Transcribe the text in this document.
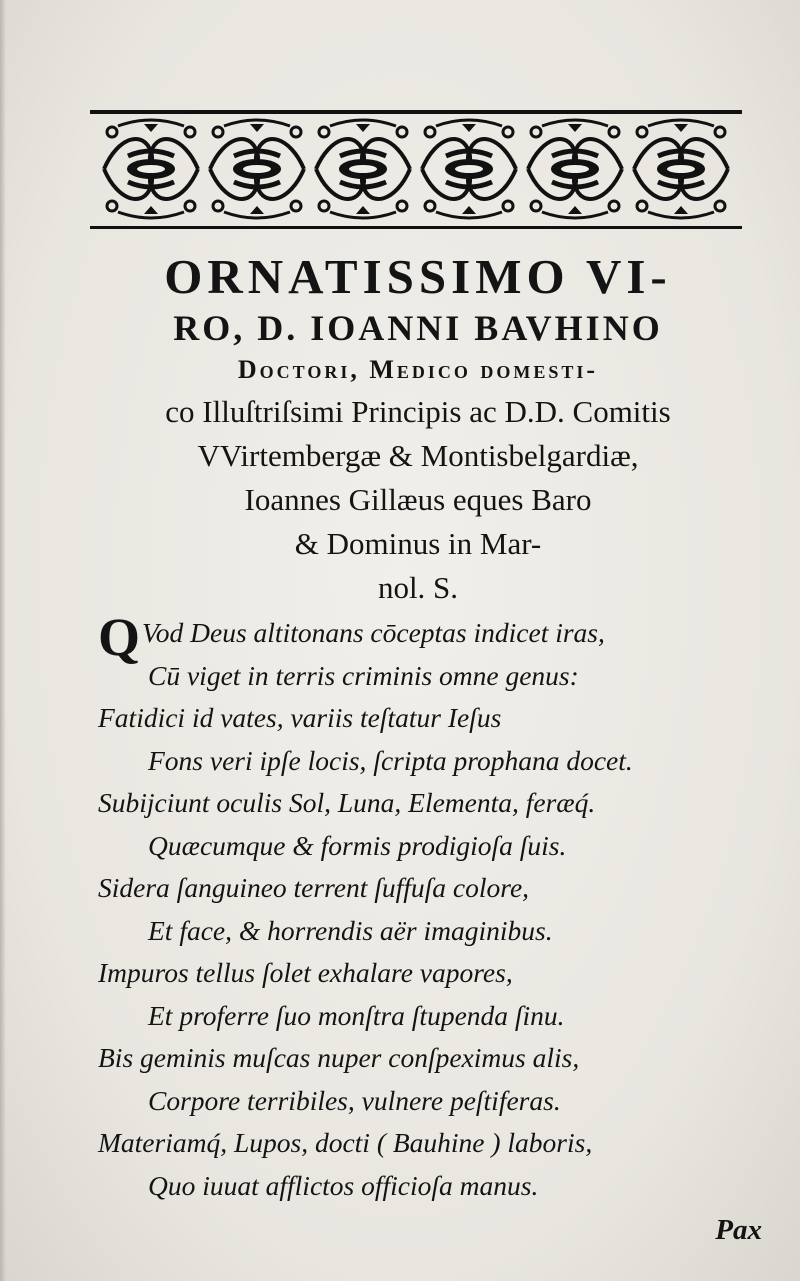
ORNATISSIMO VI-

RO, D. IOANNI BAVHINO

Doctori, Medico domesti-

co Illuſtriſsimi Principis ac D.D. Comitis

VVirtembergæ & Montisbelgardiæ,

Ioannes Gillæus eques Baro

& Dominus in Mar-

nol. S.

Q Vod Deus altitonans cōceptas indicet iras,

Cū viget in terris criminis omne genus:

Fatidici id vates, variis teſtatur Ieſus

Fons veri ipſe locis, ſcripta prophana docet.

Subijciunt oculis Sol, Luna, Elementa, feræq́.

Quæcumque & formis prodigioſa ſuis.

Sidera ſanguineo terrent ſuffuſa colore,

Et face, & horrendis aër imaginibus.

Impuros tellus ſolet exhalare vapores,

Et proferre ſuo monſtra ſtupenda ſinu.

Bis geminis muſcas nuper conſpeximus alis,

Corpore terribiles, vulnere peſtiferas.

Materiamq́, Lupos, docti ( Bauhine ) laboris,

Quo iuuat afflictos officioſa manus.

Pax
